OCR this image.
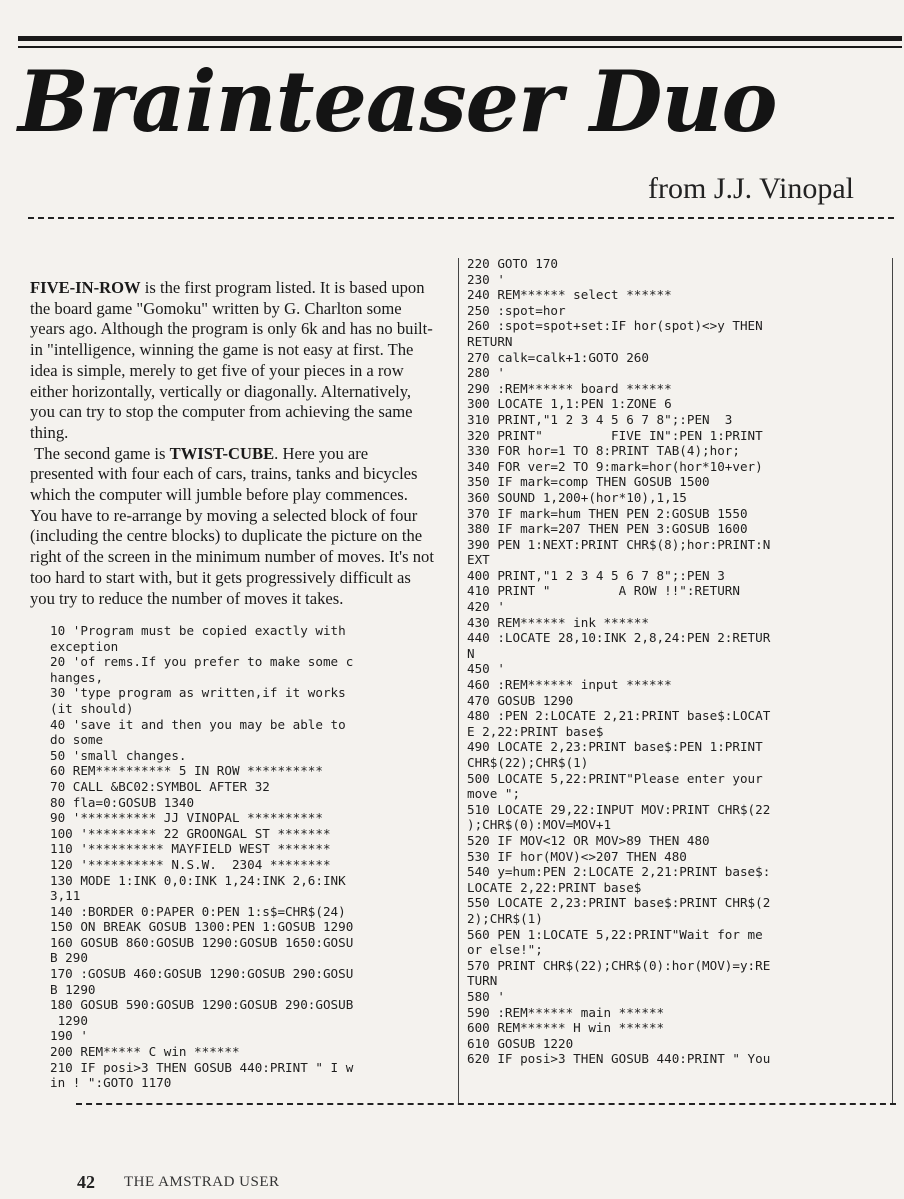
Brainteaser Duo
from J.J. Vinopal

FIVE-IN-ROW is the first program listed. It is based upon the board game "Gomoku" written by G. Charlton some years ago. Although the program is only 6k and has no built-in "intelligence, winning the game is not easy at first. The idea is simple, merely to get five of your pieces in a row either horizontally, vertically or diagonally. Alternatively, you can try to stop the computer from achieving the same thing.

The second game is TWIST-CUBE. Here you are presented with four each of cars, trains, tanks and bicycles which the computer will jumble before play commences. You have to re-arrange by moving a selected block of four (including the centre blocks) to duplicate the picture on the right of the screen in the minimum number of moves. It's not too hard to start with, but it gets progressively difficult as you try to reduce the number of moves it takes.

10 'Program must be copied exactly with
exception
20 'of rems.If you prefer to make some c
hanges,
30 'type program as written,if it works
(it should)
40 'save it and then you may be able to
do some
50 'small changes.
60 REM********** 5 IN ROW **********
70 CALL &BC02:SYMBOL AFTER 32
80 fla=0:GOSUB 1340
90 '********** JJ VINOPAL **********
100 '********* 22 GROONGAL ST *******
110 '********** MAYFIELD WEST *******
120 '********** N.S.W.  2304 ********
130 MODE 1:INK 0,0:INK 1,24:INK 2,6:INK
3,11
140 :BORDER 0:PAPER 0:PEN 1:s$=CHR$(24)
150 ON BREAK GOSUB 1300:PEN 1:GOSUB 1290
160 GOSUB 860:GOSUB 1290:GOSUB 1650:GOSU
B 290
170 :GOSUB 460:GOSUB 1290:GOSUB 290:GOSU
B 1290
180 GOSUB 590:GOSUB 1290:GOSUB 290:GOSUB
1290
190 '
200 REM***** C win ******
210 IF posi>3 THEN GOSUB 440:PRINT " I w
in ! ":GOTO 1170
220 GOTO 170
230 '
240 REM****** select ******
250 :spot=hor
260 :spot=spot+set:IF hor(spot)<>y THEN
RETURN
270 calk=calk+1:GOTO 260
280 '
290 :REM****** board ******
300 LOCATE 1,1:PEN 1:ZONE 6
310 PRINT,"1 2 3 4 5 6 7 8";:PEN  3
320 PRINT"         FIVE IN":PEN 1:PRINT
330 FOR hor=1 TO 8:PRINT TAB(4);hor;
340 FOR ver=2 TO 9:mark=hor(hor*10+ver)
350 IF mark=comp THEN GOSUB 1500
360 SOUND 1,200+(hor*10),1,15
370 IF mark=hum THEN PEN 2:GOSUB 1550
380 IF mark=207 THEN PEN 3:GOSUB 1600
390 PEN 1:NEXT:PRINT CHR$(8);hor:PRINT:N
EXT
400 PRINT,"1 2 3 4 5 6 7 8";:PEN 3
410 PRINT "         A ROW !!":RETURN
420 '
430 REM****** ink ******
440 :LOCATE 28,10:INK 2,8,24:PEN 2:RETUR
N
450 '
460 :REM****** input ******
470 GOSUB 1290
480 :PEN 2:LOCATE 2,21:PRINT base$:LOCAT
E 2,22:PRINT base$
490 LOCATE 2,23:PRINT base$:PEN 1:PRINT
CHR$(22);CHR$(1)
500 LOCATE 5,22:PRINT"Please enter your
move ";
510 LOCATE 29,22:INPUT MOV:PRINT CHR$(22
);CHR$(0):MOV=MOV+1
520 IF MOV<12 OR MOV>89 THEN 480
530 IF hor(MOV)<>207 THEN 480
540 y=hum:PEN 2:LOCATE 2,21:PRINT base$:
LOCATE 2,22:PRINT base$
550 LOCATE 2,23:PRINT base$:PRINT CHR$(2
2);CHR$(1)
560 PEN 1:LOCATE 5,22:PRINT"Wait for me
or else!";
570 PRINT CHR$(22);CHR$(0):hor(MOV)=y:RE
TURN
580 '
590 :REM****** main ******
600 REM****** H win ******
610 GOSUB 1220
620 IF posi>3 THEN GOSUB 440:PRINT " You
42 THE AMSTRAD USER
